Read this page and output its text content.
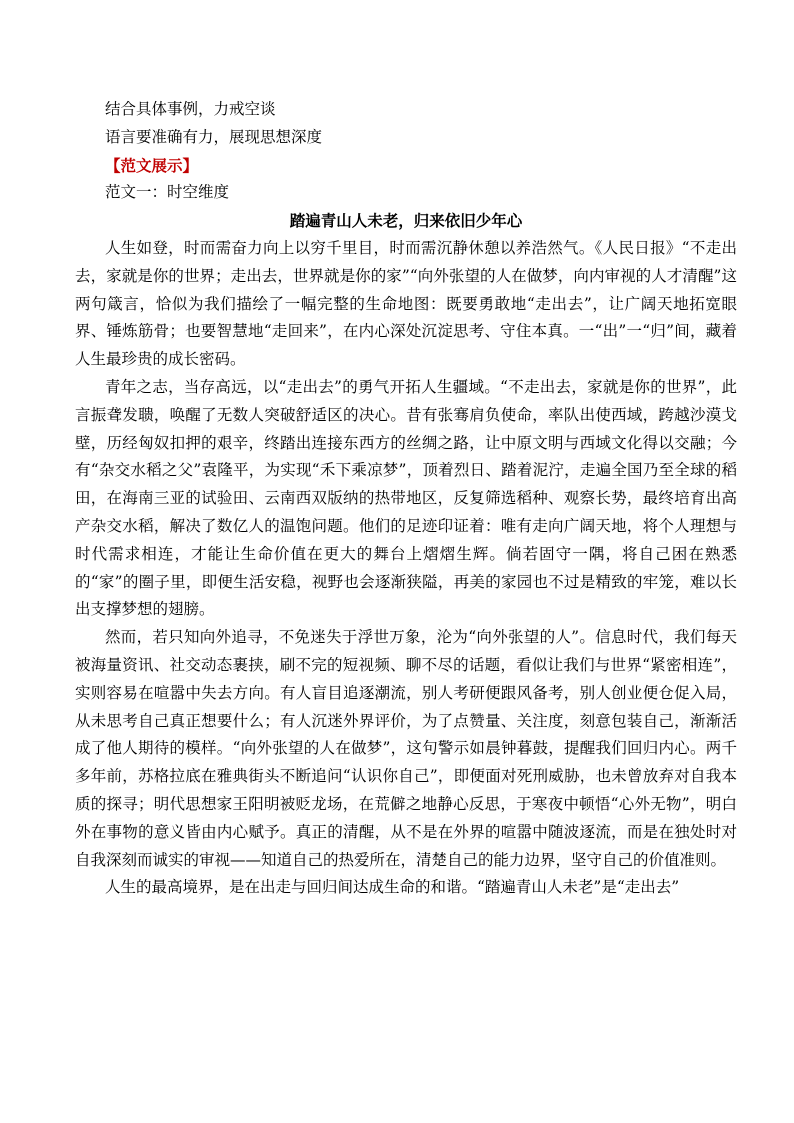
结合具体事例，力戒空谈
语言要准确有力，展现思想深度
【范文展示】
范文一：时空维度
踏遍青山人未老，归来依旧少年心

人生如登，时而需奋力向上以穷千里目，时而需沉静休憩以养浩然气。《人民日报》“不走出去，家就是你的世界；走出去，世界就是你的家”“向外张望的人在做梦，向内审视的人才清醒”这两句箴言，恰似为我们描绘了一幅完整的生命地图：既要勇敢地“走出去”，让广阔天地拓宽眼界、锤炼筋骨；也要智慧地“走回来”，在内心深处沉淀思考、守住本真。一“出”一“归”间，藏着人生最珍贵的成长密码。

青年之志，当存高远，以“走出去”的勇气开拓人生疆域。“不走出去，家就是你的世界”，此言振聋发聩，唤醒了无数人突破舒适区的决心。昔有张骞肩负使命，率队出使西域，跨越沙漠戈壁，历经匈奴扣押的艰辛，终踏出连接东西方的丝绸之路，让中原文明与西域文化得以交融；今有“杂交水稻之父”袁隆平，为实现“禾下乘凉梦”，顶着烈日、踏着泥泞，走遍全国乃至全球的稻田，在海南三亚的试验田、云南西双版纳的热带地区，反复筛选稻种、观察长势，最终培育出高产杂交水稻，解决了数亿人的温饱问题。他们的足迹印证着：唯有走向广阔天地，将个人理想与时代需求相连，才能让生命价值在更大的舞台上熠熠生辉。倘若固守一隅，将自己困在熟悉的“家”的圈子里，即便生活安稳，视野也会逐渐狭隘，再美的家园也不过是精致的牢笼，难以长出支撑梦想的翅膀。

然而，若只知向外追寻，不免迷失于浮世万象，沦为“向外张望的人”。信息时代，我们每天被海量资讯、社交动态裹挟，刷不完的短视频、聊不尽的话题，看似让我们与世界“紧密相连”，实则容易在喧嚣中失去方向。有人盲目追逐潮流，别人考研便跟风备考，别人创业便仓促入局，从未思考自己真正想要什么；有人沉迷外界评价，为了点赞量、关注度，刻意包装自己，渐渐活成了他人期待的模样。“向外张望的人在做梦”，这句警示如晨钟暮鼓，提醒我们回归内心。两千多年前，苏格拉底在雅典街头不断追问“认识你自己”，即便面对死刑威胁，也未曾放弃对自我本质的探寻；明代思想家王阳明被贬龙场，在荒僻之地静心反思，于寒夜中顿悟“心外无物”，明白外在事物的意义皆由内心赋予。真正的清醒，从不是在外界的喧嚣中随波逐流，而是在独处时对自我深刻而诚实的审视——知道自己的热爱所在，清楚自己的能力边界，坚守自己的价值准则。

人生的最高境界，是在出走与回归间达成生命的和谐。“踏遍青山人未老”是“走出去”
